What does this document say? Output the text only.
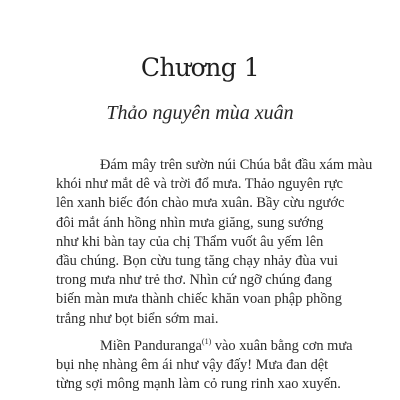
Chương 1
Thảo nguyên mùa xuân
Đám mây trên sườn núi Chúa bắt đầu xám màu
khói như mắt dê và trời đổ mưa. Thảo nguyên rực
lên xanh biếc đón chào mưa xuân. Bầy cừu ngước
đôi mắt ánh hồng nhìn mưa giăng, sung sướng
như khi bàn tay của chị Thẩm vuốt âu yếm lên
đầu chúng. Bọn cừu tung tăng chạy nhảy đùa vui
trong mưa như trẻ thơ. Nhìn cứ ngỡ chúng đang
biến màn mưa thành chiếc khăn voan phập phồng
trắng như bọt biển sớm mai.
Miền Panduranga$^{(1)}$ vào xuân bằng cơn mưa
bụi nhẹ nhàng êm ái như vậy đấy! Mưa đan dệt
từng sợi mông mạnh làm cỏ rung rinh xao xuyến.
